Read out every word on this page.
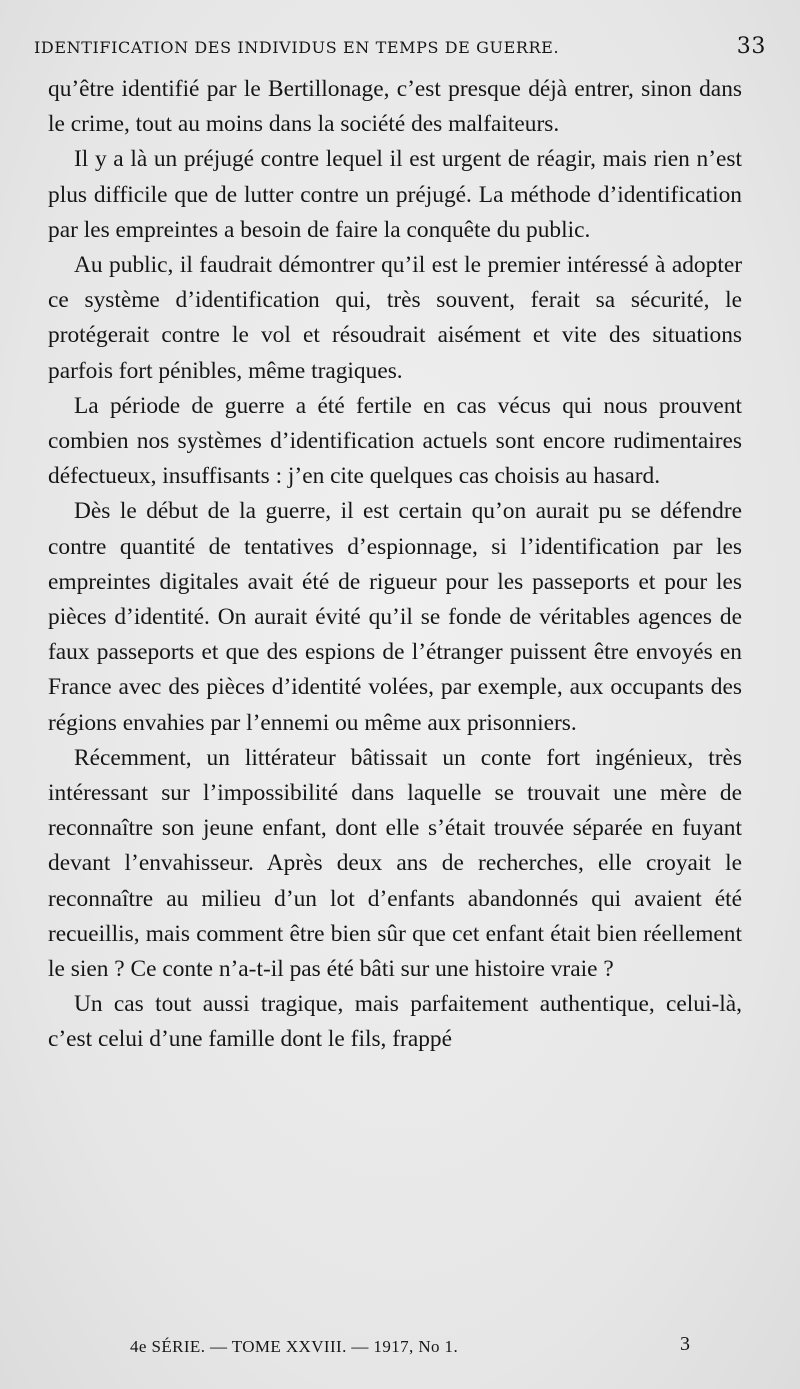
IDENTIFICATION DES INDIVIDUS EN TEMPS DE GUERRE.	33

qu’être identifié par le Bertillonage, c’est presque déjà entrer, sinon dans le crime, tout au moins dans la société des malfaiteurs.

Il y a là un préjugé contre lequel il est urgent de réagir, mais rien n’est plus difficile que de lutter contre un préjugé. La méthode d’identification par les empreintes a besoin de faire la conquête du public.

Au public, il faudrait démontrer qu’il est le premier intéressé à adopter ce système d’identification qui, très souvent, ferait sa sécurité, le protégerait contre le vol et résoudrait aisément et vite des situations parfois fort pénibles, même tragiques.

La période de guerre a été fertile en cas vécus qui nous prouvent combien nos systèmes d’identification actuels sont encore rudimentaires défectueux, insuffisants : j’en cite quelques cas choisis au hasard.

Dès le début de la guerre, il est certain qu’on aurait pu se défendre contre quantité de tentatives d’espionnage, si l’identification par les empreintes digitales avait été de rigueur pour les passeports et pour les pièces d’identité. On aurait évité qu’il se fonde de véritables agences de faux passeports et que des espions de l’étranger puissent être envoyés en France avec des pièces d’identité volées, par exemple, aux occupants des régions envahies par l’ennemi ou même aux prisonniers.

Récemment, un littérateur bâtissait un conte fort ingénieux, très intéressant sur l’impossibilité dans laquelle se trouvait une mère de reconnaître son jeune enfant, dont elle s’était trouvée séparée en fuyant devant l’envahisseur. Après deux ans de recherches, elle croyait le reconnaître au milieu d’un lot d’enfants abandonnés qui avaient été recueillis, mais comment être bien sûr que cet enfant était bien réellement le sien ? Ce conte n’a-t-il pas été bâti sur une histoire vraie ?

Un cas tout aussi tragique, mais parfaitement authentique, celui-là, c’est celui d’une famille dont le fils, frappé

4e SÉRIE. — TOME XXVIII. — 1917, No 1.	3
